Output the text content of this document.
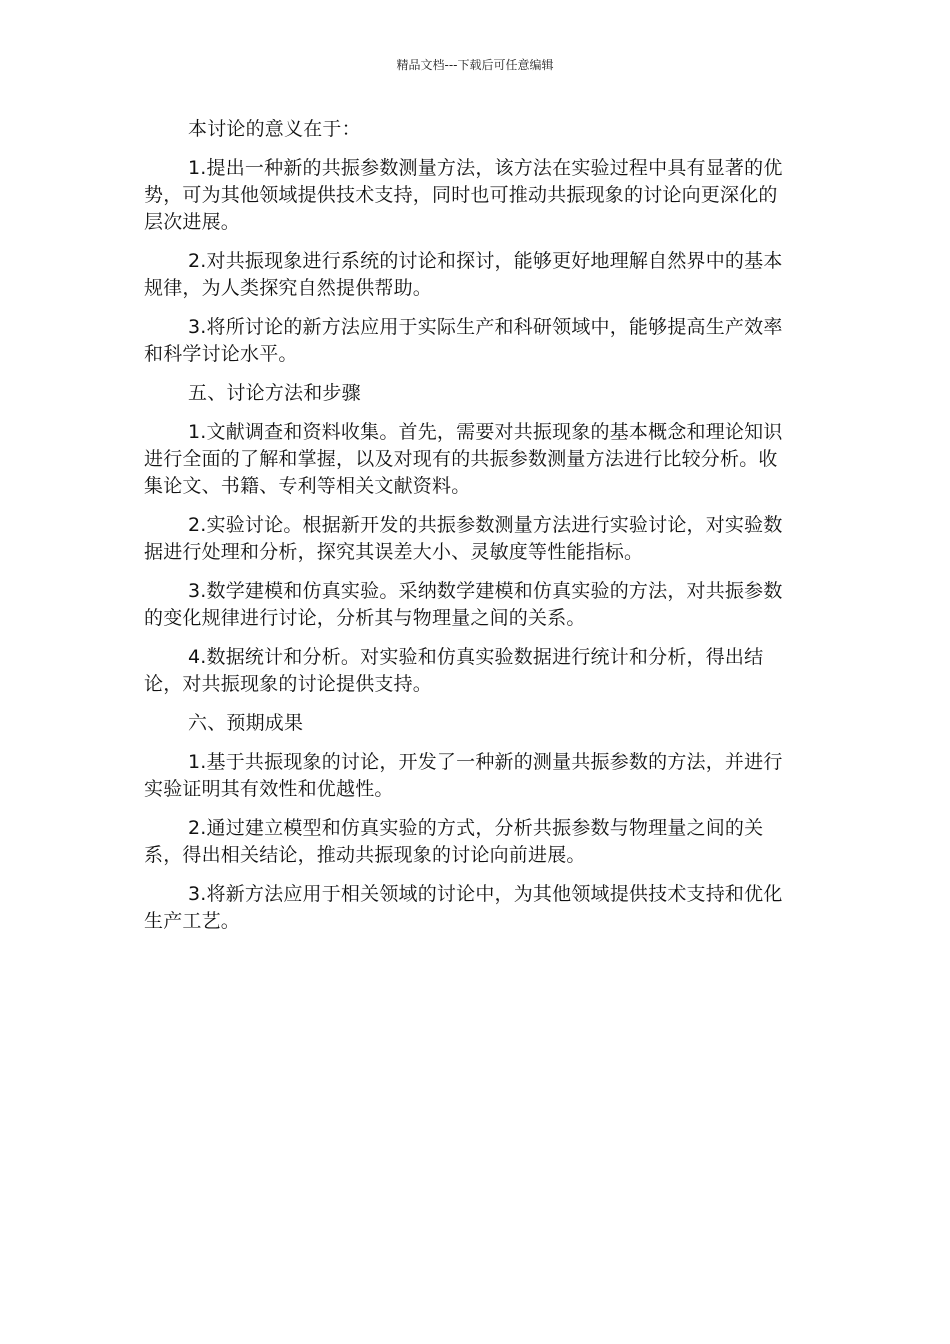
精品文档---下载后可任意编辑

本讨论的意义在于：

1.提出一种新的共振参数测量方法，该方法在实验过程中具有显著的优势，可为其他领域提供技术支持，同时也可推动共振现象的讨论向更深化的层次进展。

2.对共振现象进行系统的讨论和探讨，能够更好地理解自然界中的基本规律，为人类探究自然提供帮助。

3.将所讨论的新方法应用于实际生产和科研领域中，能够提高生产效率和科学讨论水平。

五、讨论方法和步骤

1.文献调查和资料收集。首先，需要对共振现象的基本概念和理论知识进行全面的了解和掌握，以及对现有的共振参数测量方法进行比较分析。收集论文、书籍、专利等相关文献资料。

2.实验讨论。根据新开发的共振参数测量方法进行实验讨论，对实验数据进行处理和分析，探究其误差大小、灵敏度等性能指标。

3.数学建模和仿真实验。采纳数学建模和仿真实验的方法，对共振参数的变化规律进行讨论，分析其与物理量之间的关系。

4.数据统计和分析。对实验和仿真实验数据进行统计和分析，得出结论，对共振现象的讨论提供支持。

六、预期成果

1.基于共振现象的讨论，开发了一种新的测量共振参数的方法，并进行实验证明其有效性和优越性。

2.通过建立模型和仿真实验的方式，分析共振参数与物理量之间的关系，得出相关结论，推动共振现象的讨论向前进展。

3.将新方法应用于相关领域的讨论中，为其他领域提供技术支持和优化生产工艺。
